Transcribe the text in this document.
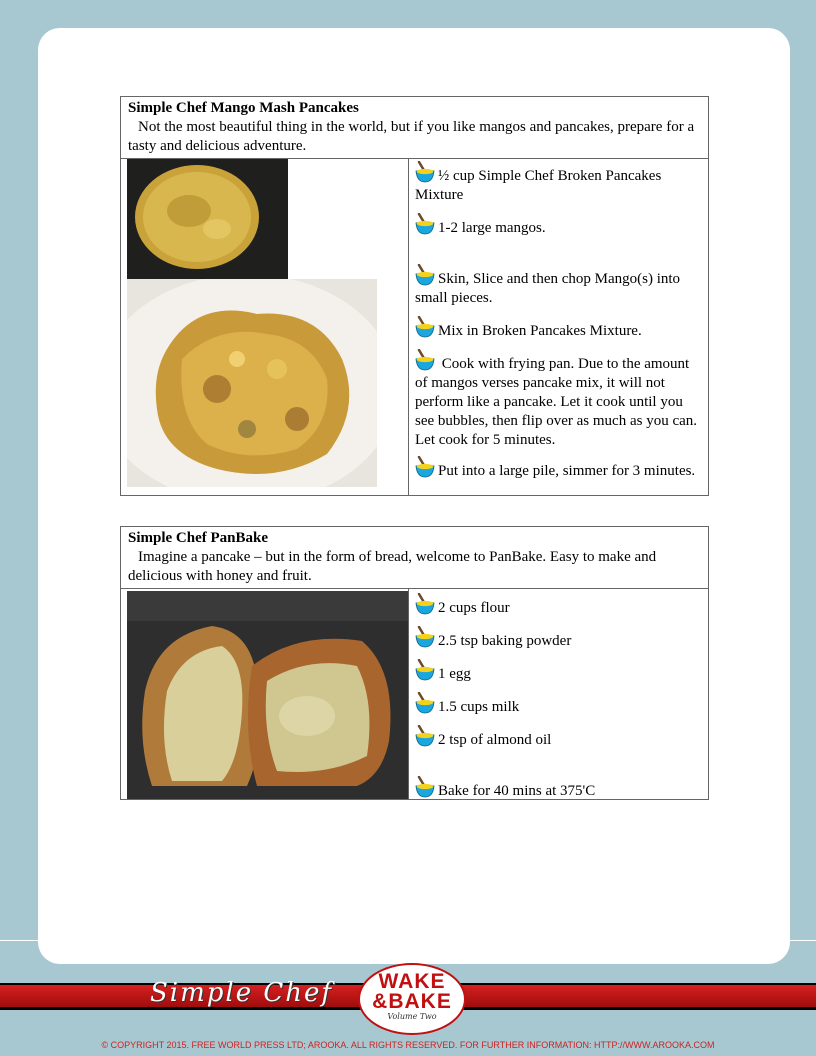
Simple Chef Mango Mash Pancakes
Not the most beautiful thing in the world, but if you like mangos and pancakes, prepare for a tasty and delicious adventure.
½ cup Simple Chef Broken Pancakes Mixture
1-2 large mangos.
Skin, Slice and then chop Mango(s) into small pieces.
Mix in Broken Pancakes Mixture.
Cook with frying pan. Due to the amount of mangos verses pancake mix, it will not perform like a pancake. Let it cook until you see bubbles, then flip over as much as you can. Let cook for 5 minutes.
Put into a large pile, simmer for 3 minutes.
Simple Chef PanBake
Imagine a pancake – but in the form of bread, welcome to PanBake. Easy to make and delicious with honey and fruit.
2 cups flour
2.5 tsp baking powder
1 egg
1.5 cups milk
2 tsp of almond oil
Bake for 40 mins at 375'C
Simple Chef	WAKE
&BAKE
Volume Two
© COPYRIGHT 2015. FREE WORLD PRESS LTD; AROOKA. ALL RIGHTS RESERVED. FOR FURTHER INFORMATION: HTTP://WWW.AROOKA.COM
